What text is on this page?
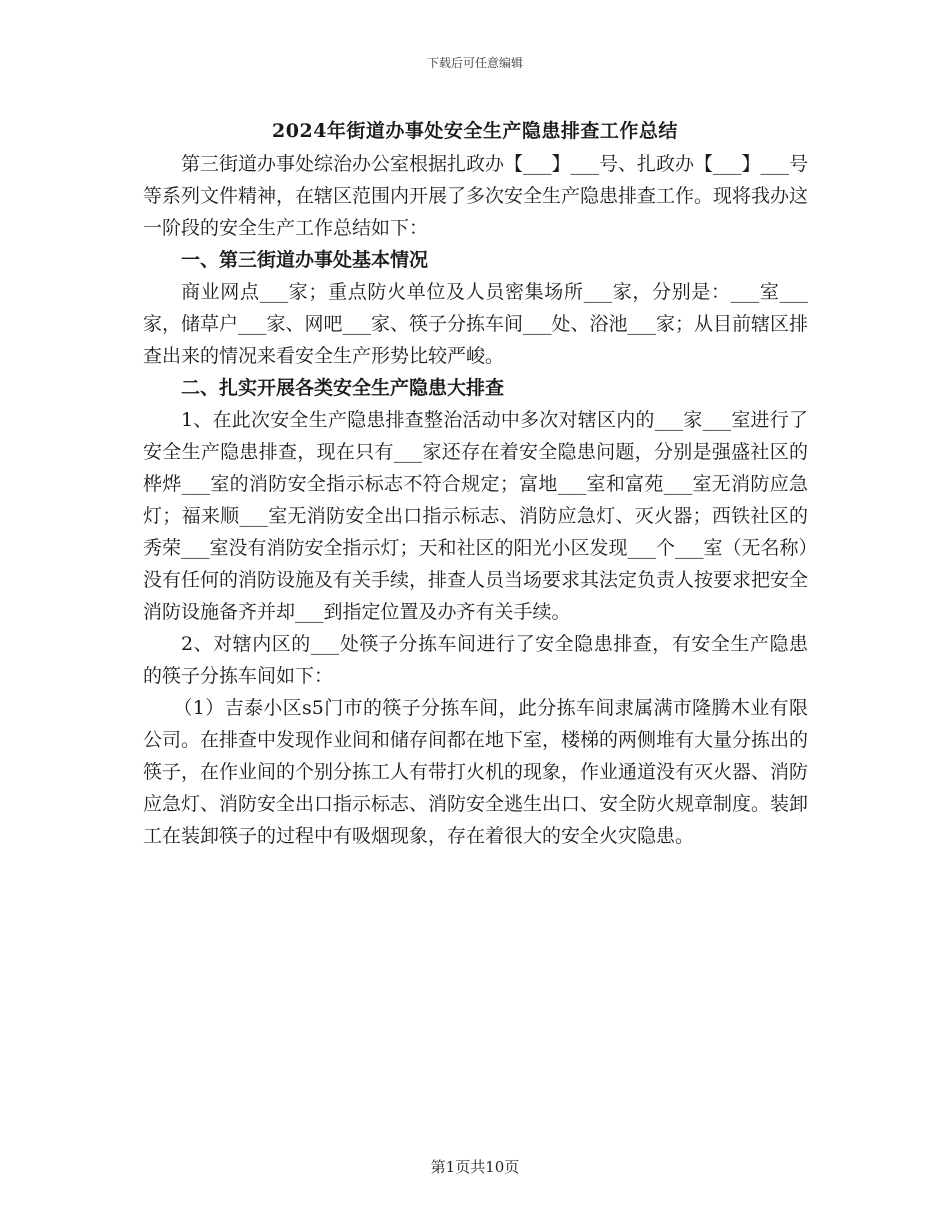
下载后可任意编辑
2024年街道办事处安全生产隐患排查工作总结

第三街道办事处综治办公室根据扎政办【___】___号、扎政办【___】___号等系列文件精神，在辖区范围内开展了多次安全生产隐患排查工作。现将我办这一阶段的安全生产工作总结如下：

一、第三街道办事处基本情况

商业网点___家；重点防火单位及人员密集场所___家，分别是：___室___家，储草户___家、网吧___家、筷子分拣车间___处、浴池___家；从目前辖区排查出来的情况来看安全生产形势比较严峻。

二、扎实开展各类安全生产隐患大排查

1、在此次安全生产隐患排查整治活动中多次对辖区内的___家___室进行了安全生产隐患排查，现在只有___家还存在着安全隐患问题，分别是强盛社区的桦烨___室的消防安全指示标志不符合规定；富地___室和富苑___室无消防应急灯；福来顺___室无消防安全出口指示标志、消防应急灯、灭火器；西铁社区的秀荣___室没有消防安全指示灯；天和社区的阳光小区发现___个___室（无名称）没有任何的消防设施及有关手续，排查人员当场要求其法定负责人按要求把安全消防设施备齐并却___到指定位置及办齐有关手续。

2、对辖内区的___处筷子分拣车间进行了安全隐患排查，有安全生产隐患的筷子分拣车间如下：

（1）吉泰小区s5门市的筷子分拣车间，此分拣车间隶属满市隆腾木业有限公司。在排查中发现作业间和储存间都在地下室，楼梯的两侧堆有大量分拣出的筷子，在作业间的个别分拣工人有带打火机的现象，作业通道没有灭火器、消防应急灯、消防安全出口指示标志、消防安全逃生出口、安全防火规章制度。装卸工在装卸筷子的过程中有吸烟现象，存在着很大的安全火灾隐患。

第1页共10页
